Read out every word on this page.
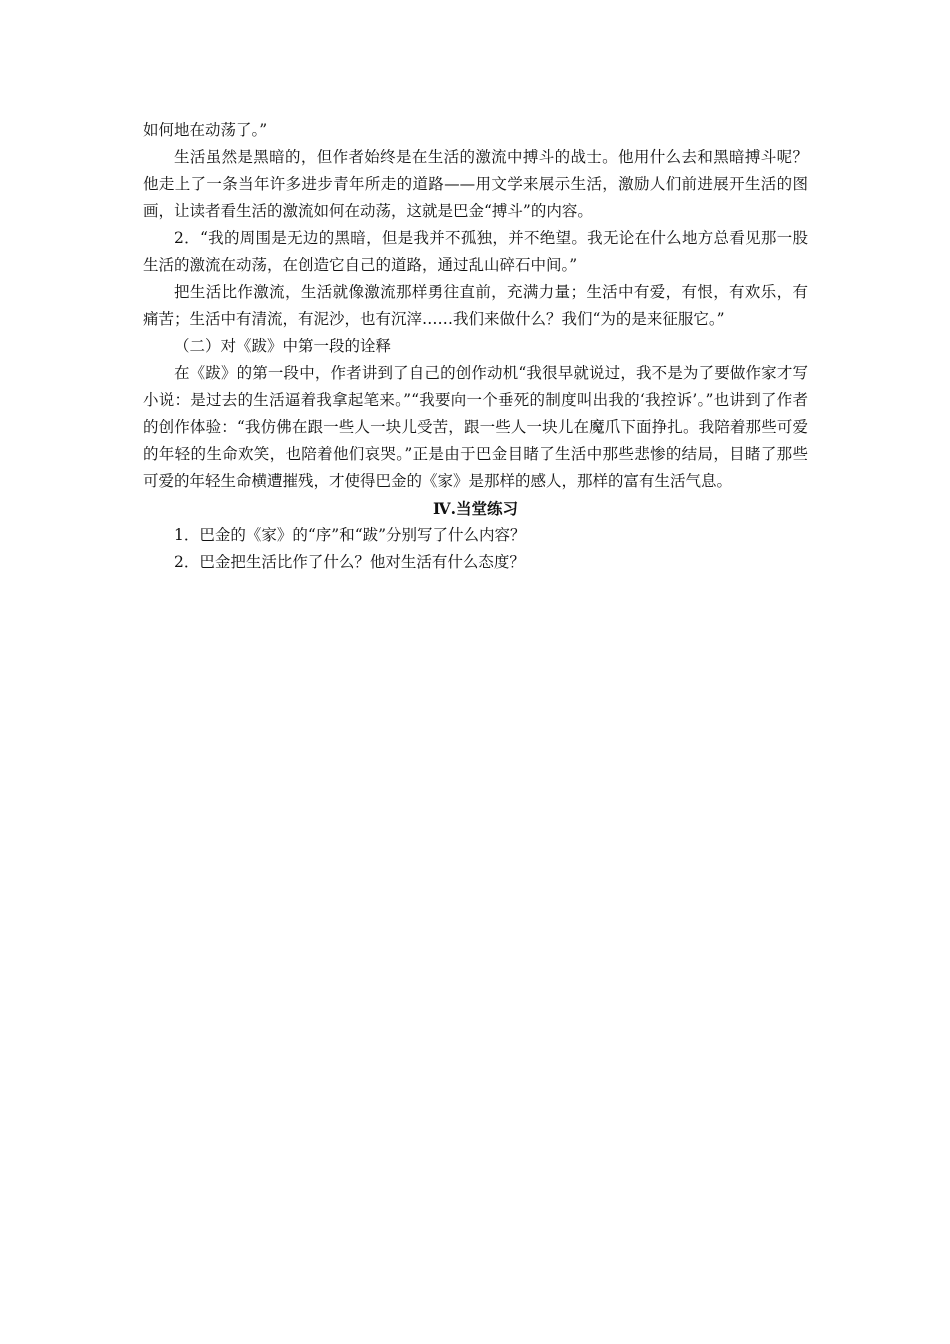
如何地在动荡了。”

生活虽然是黑暗的，但作者始终是在生活的激流中搏斗的战士。他用什么去和黑暗搏斗呢？他走上了一条当年许多进步青年所走的道路——用文学来展示生活，激励人们前进展开生活的图画，让读者看生活的激流如何在动荡，这就是巴金“搏斗”的内容。

2．“我的周围是无边的黑暗，但是我并不孤独，并不绝望。我无论在什么地方总看见那一股生活的激流在动荡，在创造它自己的道路，通过乱山碎石中间。”

把生活比作激流，生活就像激流那样勇往直前，充满力量；生活中有爱，有恨，有欢乐，有痛苦；生活中有清流，有泥沙，也有沉滓……我们来做什么？我们“为的是来征服它。”

（二）对《跋》中第一段的诠释

在《跋》的第一段中，作者讲到了自己的创作动机“我很早就说过，我不是为了要做作家才写小说：是过去的生活逼着我拿起笔来。”“我要向一个垂死的制度叫出我的‘我控诉’。”也讲到了作者的创作体验：“我仿佛在跟一些人一块儿受苦，跟一些人一块儿在魔爪下面挣扎。我陪着那些可爱的年轻的生命欢笑，也陪着他们哀哭。”正是由于巴金目睹了生活中那些悲惨的结局，目睹了那些可爱的年轻生命横遭摧残，才使得巴金的《家》是那样的感人，那样的富有生活气息。

Ⅳ.当堂练习

1．巴金的《家》的“序”和“跋”分别写了什么内容？

2．巴金把生活比作了什么？他对生活有什么态度？
